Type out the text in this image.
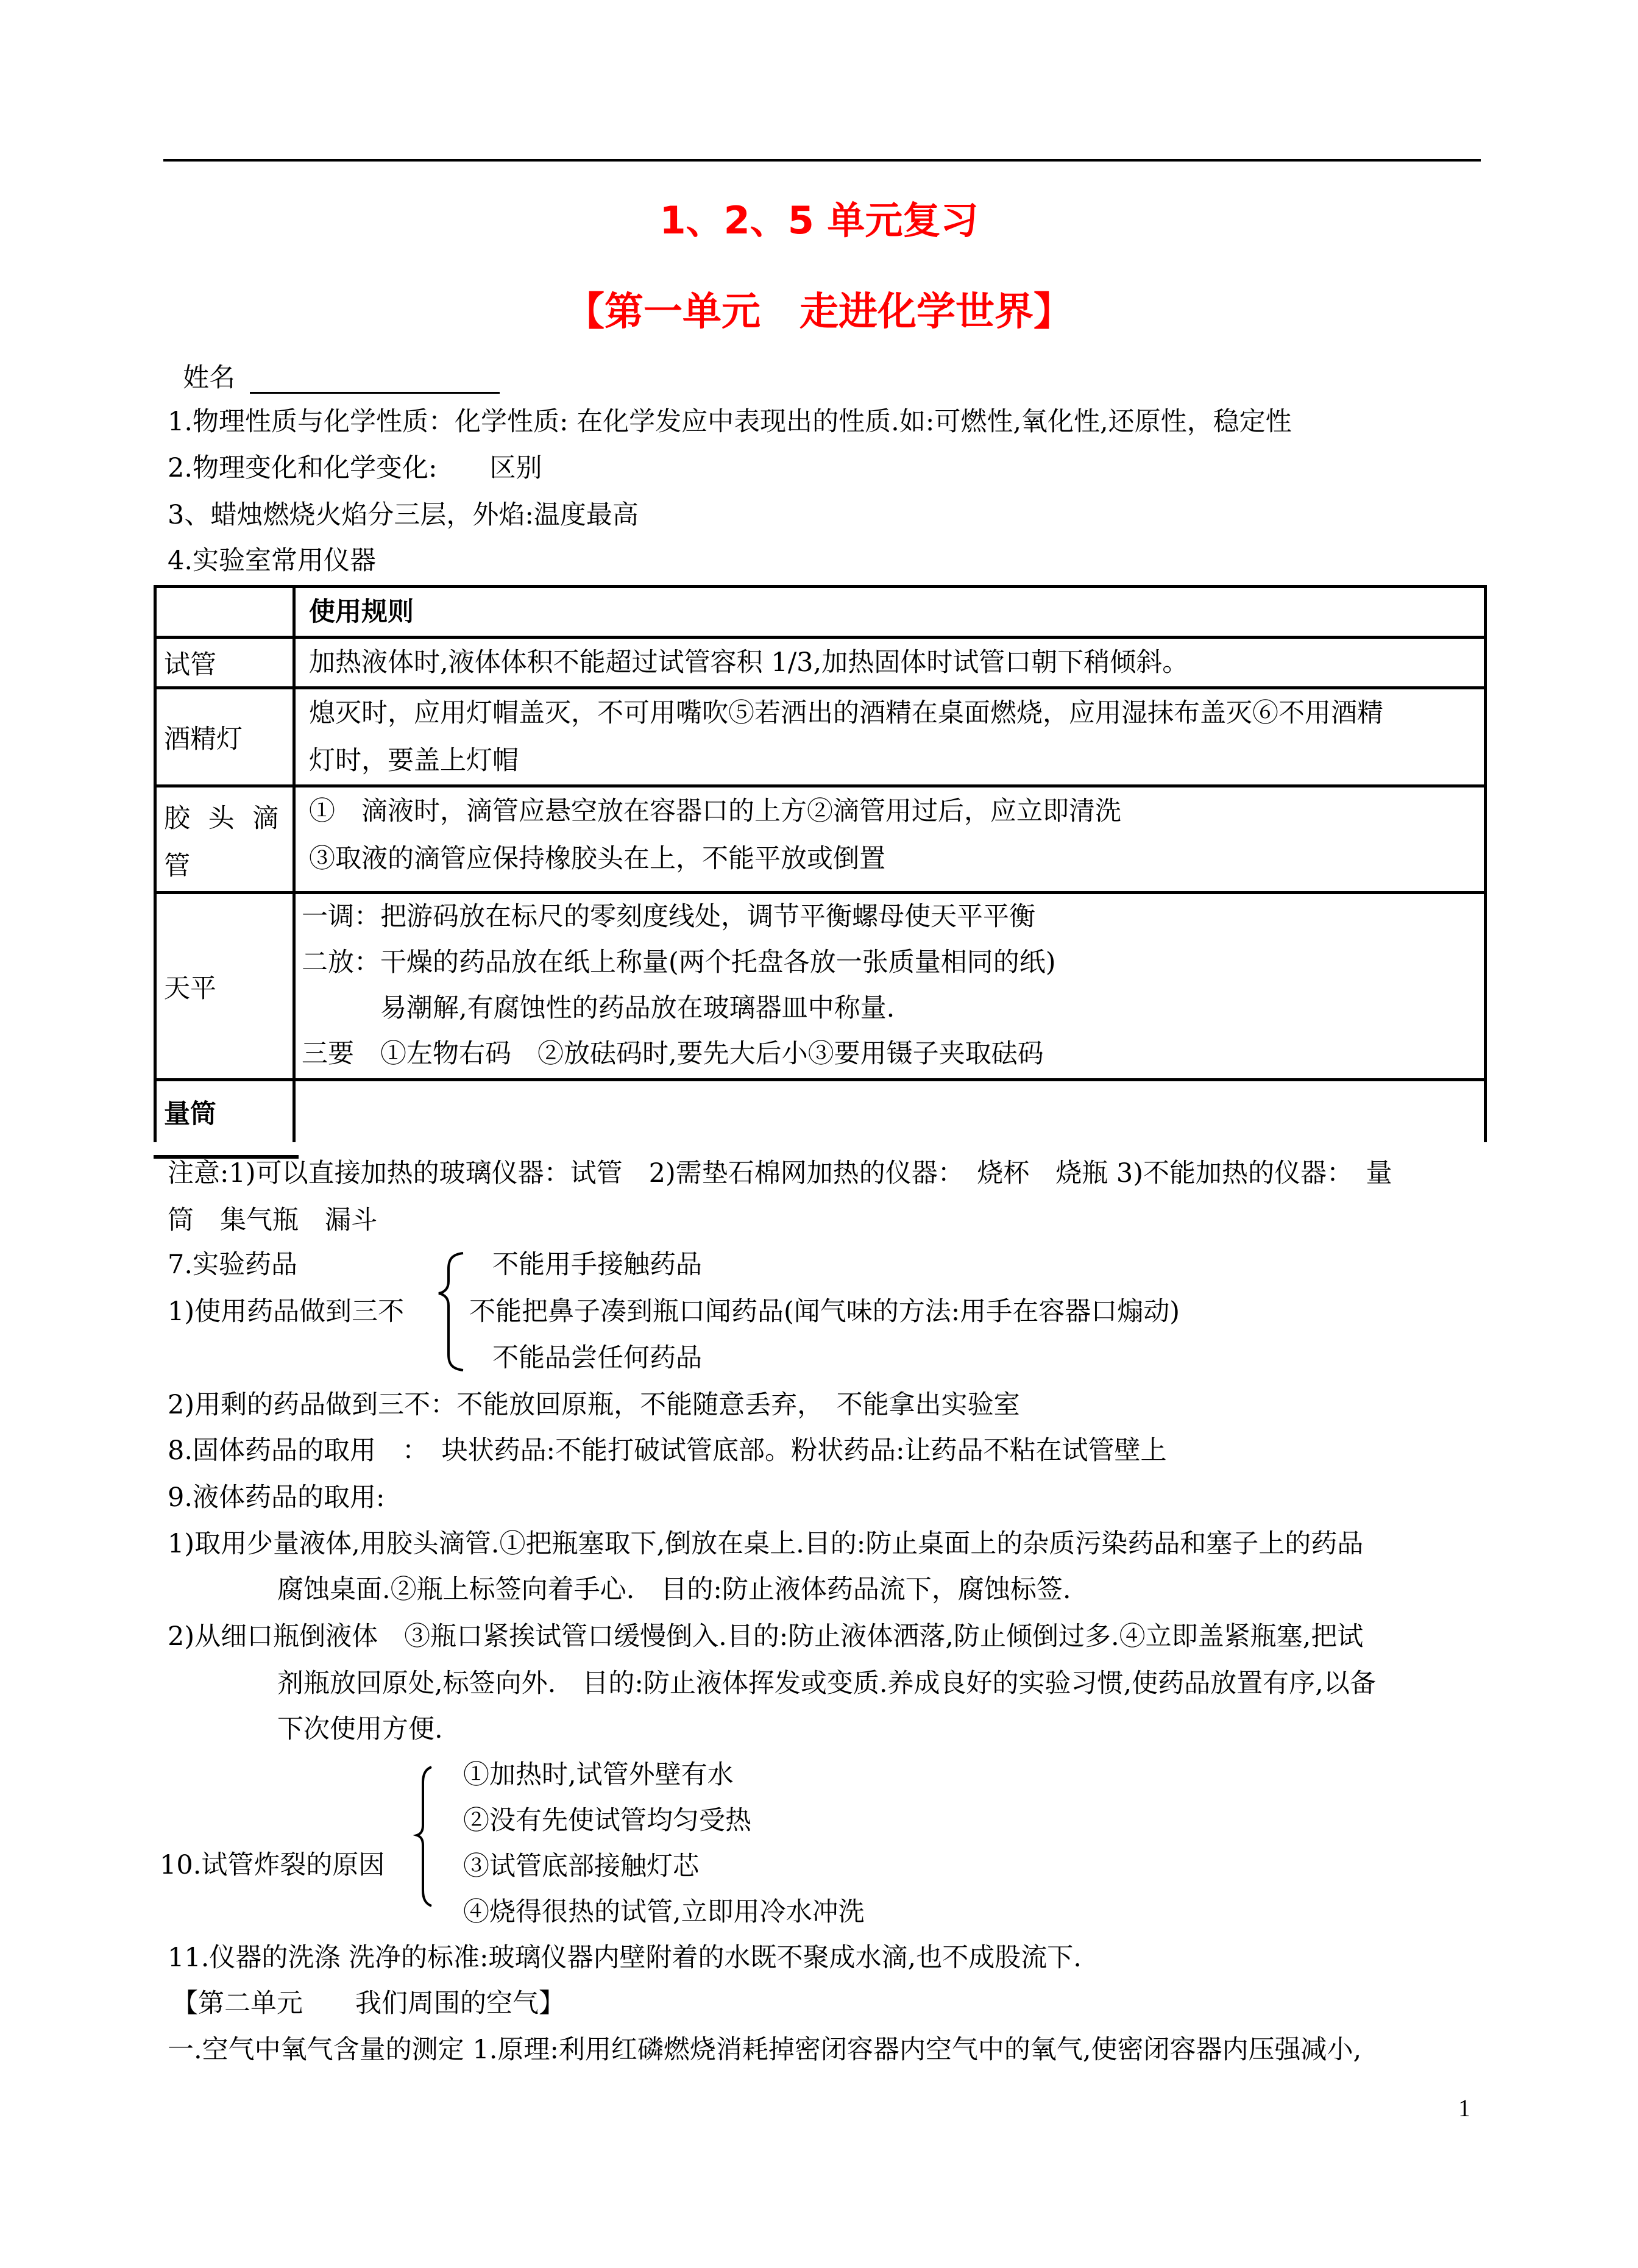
1、2、5 单元复习
【第一单元　走进化学世界】
姓名
1.物理性质与化学性质：化学性质: 在化学发应中表现出的性质.如:可燃性,氧化性,还原性，稳定性
2.物理变化和化学变化:　　区别
3、蜡烛燃烧火焰分三层，外焰:温度最高
4.实验室常用仪器
使用规则
试管	加热液体时,液体体积不能超过试管容积 1/3,加热固体时试管口朝下稍倾斜。
酒精灯
熄灭时，应用灯帽盖灭，不可用嘴吹⑤若洒出的酒精在桌面燃烧，应用湿抹布盖灭⑥不用酒精
灯时，要盖上灯帽
胶 头 滴 管
①　滴液时，滴管应悬空放在容器口的上方②滴管用过后，应立即清洗
③取液的滴管应保持橡胶头在上，不能平放或倒置
天平
一调：把游码放在标尺的零刻度线处，调节平衡螺母使天平平衡
二放：干燥的药品放在纸上称量(两个托盘各放一张质量相同的纸)
　　　易潮解,有腐蚀性的药品放在玻璃器皿中称量.
三要　①左物右码　②放砝码时,要先大后小③要用镊子夹取砝码
量筒
注意:1)可以直接加热的玻璃仪器：试管　2)需垫石棉网加热的仪器：　烧杯　烧瓶 3)不能加热的仪器：　量
筒　集气瓶　漏斗
7.实验药品
1)使用药品做到三不
不能用手接触药品
不能把鼻子凑到瓶口闻药品(闻气味的方法:用手在容器口煽动)
不能品尝任何药品
2)用剩的药品做到三不：不能放回原瓶，不能随意丢弃，　不能拿出实验室
8.固体药品的取用　：　块状药品:不能打破试管底部。粉状药品:让药品不粘在试管壁上
9.液体药品的取用:
1)取用少量液体,用胶头滴管.①把瓶塞取下,倒放在桌上.目的:防止桌面上的杂质污染药品和塞子上的药品
腐蚀桌面.②瓶上标签向着手心.　目的:防止液体药品流下，腐蚀标签.
2)从细口瓶倒液体　③瓶口紧挨试管口缓慢倒入.目的:防止液体洒落,防止倾倒过多.④立即盖紧瓶塞,把试
剂瓶放回原处,标签向外.　目的:防止液体挥发或变质.养成良好的实验习惯,使药品放置有序,以备
下次使用方便.
10.试管炸裂的原因
①加热时,试管外壁有水
②没有先使试管均匀受热
③试管底部接触灯芯
④烧得很热的试管,立即用冷水冲洗
11.仪器的洗涤 洗净的标准:玻璃仪器内壁附着的水既不聚成水滴,也不成股流下.
【第二单元　　我们周围的空气】
一.空气中氧气含量的测定 1.原理:利用红磷燃烧消耗掉密闭容器内空气中的氧气,使密闭容器内压强减小,
1
